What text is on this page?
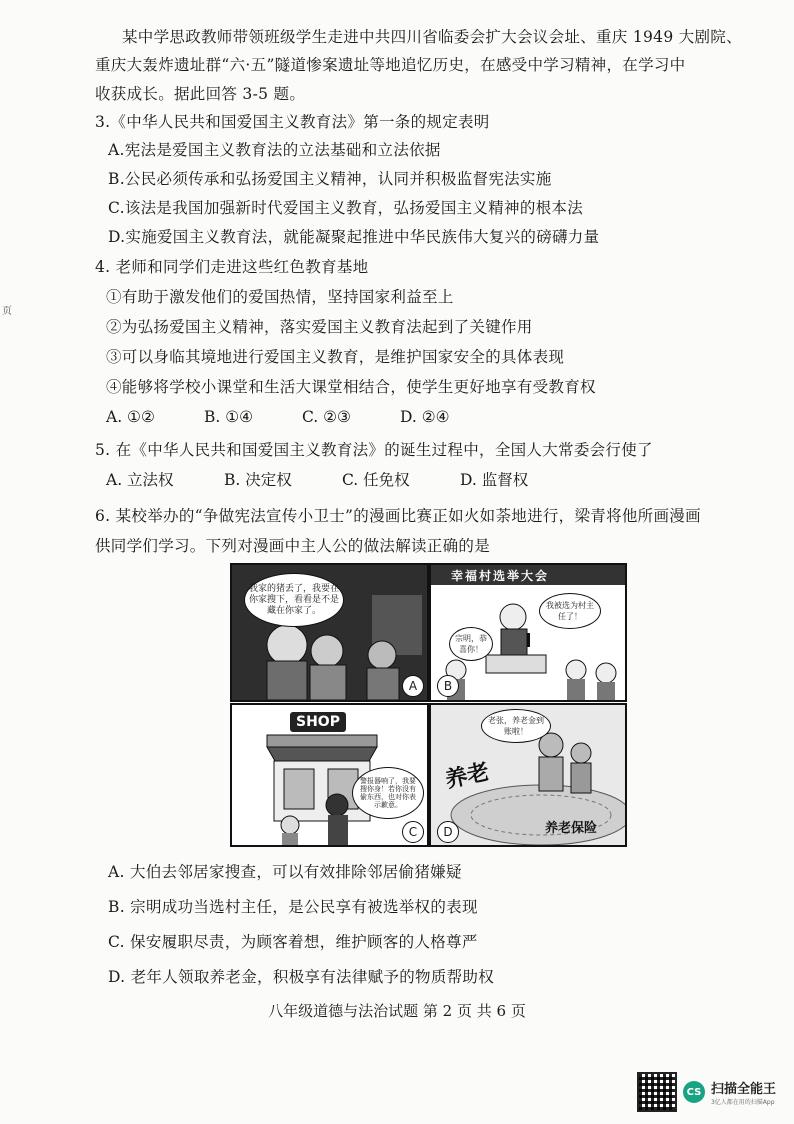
某中学思政教师带领班级学生走进中共四川省临委会扩大会议会址、重庆 1949 大剧院、
重庆大轰炸遗址群“六·五”隧道惨案遗址等地追忆历史，在感受中学习精神，在学习中
收获成长。据此回答 3-5 题。
3.《中华人民共和国爱国主义教育法》第一条的规定表明
A.宪法是爱国主义教育法的立法基础和立法依据
B.公民必须传承和弘扬爱国主义精神，认同并积极监督宪法实施
C.该法是我国加强新时代爱国主义教育，弘扬爱国主义精神的根本法
D.实施爱国主义教育法，就能凝聚起推进中华民族伟大复兴的磅礴力量
4. 老师和同学们走进这些红色教育基地
①有助于激发他们的爱国热情，坚持国家利益至上
②为弘扬爱国主义精神，落实爱国主义教育法起到了关键作用
③可以身临其境地进行爱国主义教育，是维护国家安全的具体表现
④能够将学校小课堂和生活大课堂相结合，使学生更好地享有受教育权
A. ①②	B. ①④	C. ②③	D. ②④
页
5. 在《中华人民共和国爱国主义教育法》的诞生过程中，全国人大常委会行使了
A. 立法权	B. 决定权	C. 任免权	D. 监督权
6. 某校举办的“争做宪法宣传小卫士”的漫画比赛正如火如荼地进行，梁青将他所画漫画
供同学们学习。下列对漫画中主人公的做法解读正确的是
我家的猪丢了，我要在你家搜下，看看是不是藏在你家了。
A
幸福村选举大会
我被选为村主任了！
宗明，恭喜你！
B
SHOP
警报器响了，我要搜你身！若你没有偷东西，也对你表示歉意。
C
老张，养老金到账啦！
养老
养老保险
D
A. 大伯去邻居家搜查，可以有效排除邻居偷猪嫌疑
B. 宗明成功当选村主任，是公民享有被选举权的表现
C. 保安履职尽责，为顾客着想，维护顾客的人格尊严
D. 老年人领取养老金，积极享有法律赋予的物质帮助权
八年级道德与法治试题 第 2 页 共 6 页
CS 扫描全能王
3亿人都在用的扫描App
